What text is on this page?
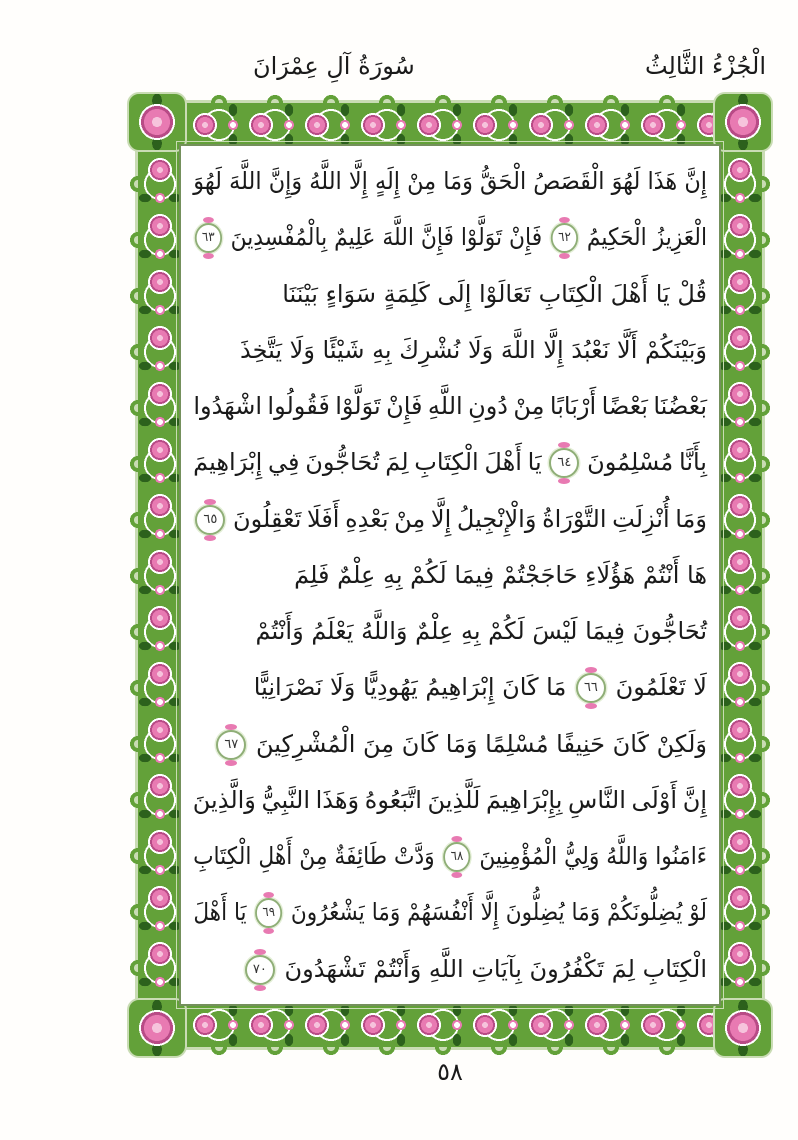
الْجُزْءُ الثَّالِثُ
سُورَةُ آلِ عِمْرَانَ
إِنَّ هَذَا لَهُوَ الْقَصَصُ الْحَقُّ وَمَا مِنْ إِلَهٍ إِلَّا اللَّهُ وَإِنَّ اللَّهَ لَهُوَ
الْعَزِيزُ الْحَكِيمُ ٦٢ فَإِنْ تَوَلَّوْا فَإِنَّ اللَّهَ عَلِيمٌ بِالْمُفْسِدِينَ ٦٣
قُلْ يَا أَهْلَ الْكِتَابِ تَعَالَوْا إِلَى كَلِمَةٍ سَوَاءٍ بَيْنَنَا
وَبَيْنَكُمْ أَلَّا نَعْبُدَ إِلَّا اللَّهَ وَلَا نُشْرِكَ بِهِ شَيْئًا وَلَا يَتَّخِذَ
بَعْضُنَا بَعْضًا أَرْبَابًا مِنْ دُونِ اللَّهِ فَإِنْ تَوَلَّوْا فَقُولُوا اشْهَدُوا
بِأَنَّا مُسْلِمُونَ ٦٤ يَا أَهْلَ الْكِتَابِ لِمَ تُحَاجُّونَ فِي إِبْرَاهِيمَ
وَمَا أُنْزِلَتِ التَّوْرَاةُ وَالْإِنْجِيلُ إِلَّا مِنْ بَعْدِهِ أَفَلَا تَعْقِلُونَ ٦٥
هَا أَنْتُمْ هَؤُلَاءِ حَاجَجْتُمْ فِيمَا لَكُمْ بِهِ عِلْمٌ فَلِمَ
تُحَاجُّونَ فِيمَا لَيْسَ لَكُمْ بِهِ عِلْمٌ وَاللَّهُ يَعْلَمُ وَأَنْتُمْ
لَا تَعْلَمُونَ ٦٦ مَا كَانَ إِبْرَاهِيمُ يَهُودِيًّا وَلَا نَصْرَانِيًّا
وَلَكِنْ كَانَ حَنِيفًا مُسْلِمًا وَمَا كَانَ مِنَ الْمُشْرِكِينَ ٦٧
إِنَّ أَوْلَى النَّاسِ بِإِبْرَاهِيمَ لَلَّذِينَ اتَّبَعُوهُ وَهَذَا النَّبِيُّ وَالَّذِينَ
ءَامَنُوا وَاللَّهُ وَلِيُّ الْمُؤْمِنِينَ ٦٨ وَدَّتْ طَائِفَةٌ مِنْ أَهْلِ الْكِتَابِ
لَوْ يُضِلُّونَكُمْ وَمَا يُضِلُّونَ إِلَّا أَنْفُسَهُمْ وَمَا يَشْعُرُونَ ٦٩ يَا أَهْلَ
الْكِتَابِ لِمَ تَكْفُرُونَ بِآيَاتِ اللَّهِ وَأَنْتُمْ تَشْهَدُونَ ٧٠
٥٨
